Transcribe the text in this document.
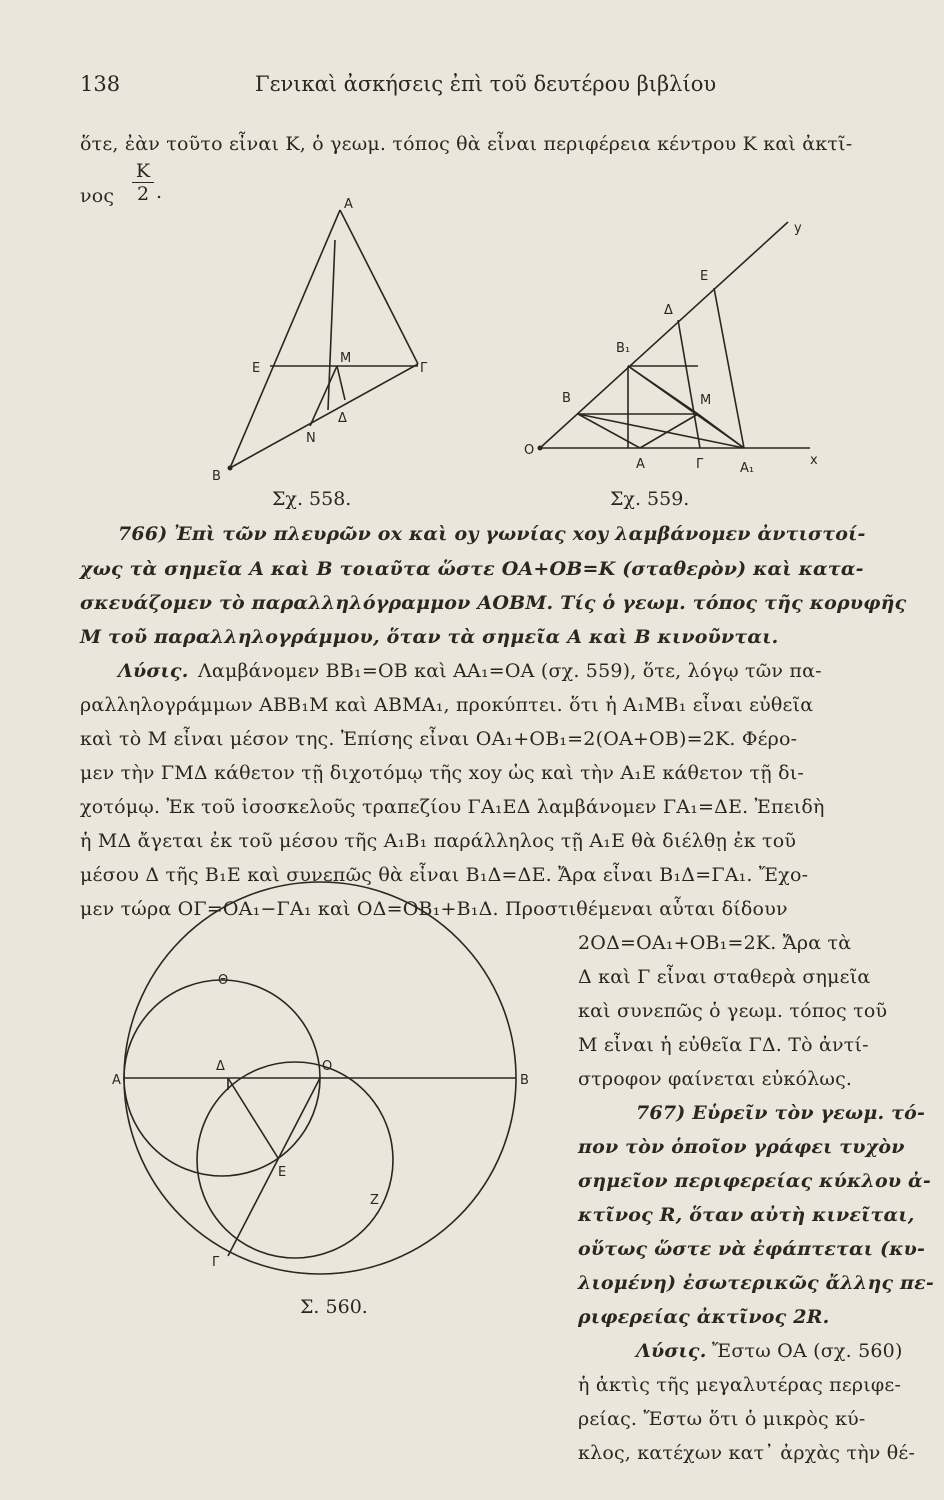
138	Γενικαὶ ἀσκήσεις ἐπὶ τοῦ δευτέρου βιβλίου
ὅτε, ἐὰν τοῦτο εἶναι Κ, ὁ γεωμ. τόπος θὰ εἶναι περιφέρεια κέντρου Κ καὶ ἀκτῖ-
νος $\frac{K}{2}$ .
Α
Ε
Μ
Γ
Δ
Ν
Β
Σχ. 558.
y
Ε
Δ
Β₁
Β	Μ
Ο
Α	Γ	Α₁
x
Σχ. 559.
766) Ἐπὶ τῶν πλευρῶν οx καὶ οy γωνίας xοy λαμβάνομεν ἀντιστοί-
χως τὰ σημεῖα Α καὶ Β τοιαῦτα ὥστε ΟΑ+ΟΒ=Κ (σταθερὸν) καὶ κατα-
σκευάζομεν τὸ παραλληλόγραμμον ΑΟΒΜ. Τίς ὁ γεωμ. τόπος τῆς κορυφῆς
Μ τοῦ παραλληλογράμμου, ὅταν τὰ σημεῖα Α καὶ Β κινοῦνται.
Λύσις. Λαμβάνομεν ΒΒ₁=ΟΒ καὶ ΑΑ₁=ΟΑ (σχ. 559), ὅτε, λόγῳ τῶν πα-
ραλληλογράμμων ΑΒΒ₁Μ καὶ ΑΒΜΑ₁, προκύπτει. ὅτι ἡ Α₁ΜΒ₁ εἶναι εὐθεῖα
καὶ τὸ Μ εἶναι μέσον της. Ἐπίσης εἶναι ΟΑ₁+ΟΒ₁=2(ΟΑ+ΟΒ)=2Κ. Φέρο-
μεν τὴν ΓΜΔ κάθετον τῇ διχοτόμῳ τῆς xοy ὡς καὶ τὴν Α₁Ε κάθετον τῇ δι-
χοτόμῳ. Ἐκ τοῦ ἰσοσκελοῦς τραπεζίου ΓΑ₁ΕΔ λαμβάνομεν ΓΑ₁=ΔΕ. Ἐπειδὴ
ἡ ΜΔ ἄγεται ἐκ τοῦ μέσου τῆς Α₁Β₁ παράλληλος τῇ Α₁Ε θὰ διέλθῃ ἐκ τοῦ
μέσου Δ τῆς Β₁Ε καὶ συνεπῶς θὰ εἶναι Β₁Δ=ΔΕ. Ἄρα εἶναι Β₁Δ=ΓΑ₁. Ἔχο-
μεν τώρα ΟΓ=ΟΑ₁−ΓΑ₁ καὶ ΟΔ=ΟΒ₁+Β₁Δ. Προστιθέμεναι αὗται δίδουν
2ΟΔ=ΟΑ₁+ΟΒ₁=2Κ. Ἄρα τὰ
Δ καὶ Γ εἶναι σταθερὰ σημεῖα
καὶ συνεπῶς ὁ γεωμ. τόπος τοῦ
Μ εἶναι ἡ εὐθεῖα ΓΔ. Τὸ ἀντί-
στροφον φαίνεται εὐκόλως.
Θ
Α
Δ	Ο
Β
Ε
Ζ
Γ
Σ. 560.
767) Εὑρεῖν τὸν γεωμ. τό-
πον τὸν ὁποῖον γράφει τυχὸν
σημεῖον περιφερείας κύκλου ἀ-
κτῖνος R, ὅταν αὐτὴ κινεῖται,
οὕτως ὥστε νὰ ἐφάπτεται (κυ-
λιομένη) ἐσωτερικῶς ἄλλης πε-
ριφερείας ἀκτῖνος 2R.
Λύσις. Ἔστω ΟΑ (σχ. 560)
ἡ ἀκτὶς τῆς μεγαλυτέρας περιφε-
ρείας. Ἔστω ὅτι ὁ μικρὸς κύ-
κλος, κατέχων κατ᾽ ἀρχὰς τὴν θέ-
